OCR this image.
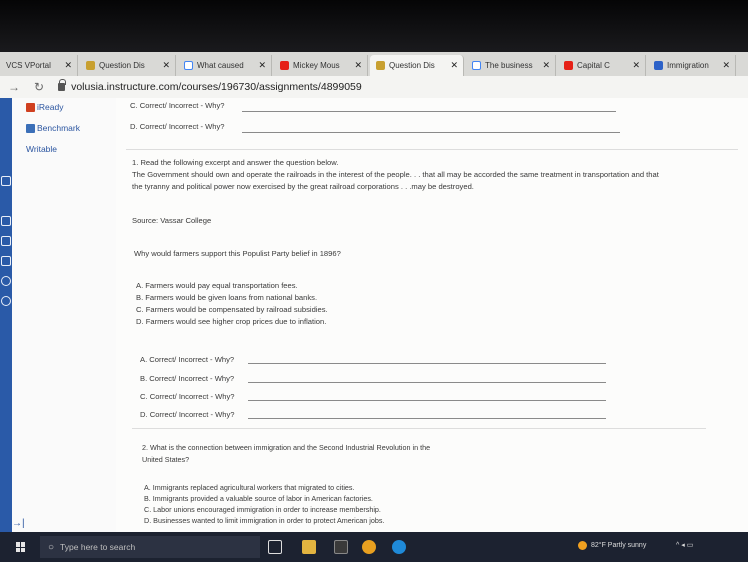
VCS VPortal ✕	Question Dis ✕	What caused ✕	Mickey Mous ✕	Question Dis ✕	The business ✕	Capital C	✕	Immigration ✕
→ ↻	volusia.instructure.com/courses/196730/assignments/4899059
iReady
Benchmark
Writable
→|
C. Correct/ Incorrect - Why?
D. Correct/ Incorrect - Why?
1. Read the following excerpt and answer the question below.
The Government should own and operate the railroads in the interest of the people. . . that all may be accorded the same treatment in transportation and that
the tyranny and political power now exercised by the great railroad corporations . . .may be destroyed.
Source: Vassar College
Why would farmers support this Populist Party belief in 1896?
A. Farmers would pay equal transportation fees.
B. Farmers would be given loans from national banks.
C. Farmers would be compensated by railroad subsidies.
D. Farmers would see higher crop prices due to inflation.
A. Correct/ Incorrect - Why?
B. Correct/ Incorrect - Why?
C. Correct/ Incorrect - Why?
D. Correct/ Incorrect - Why?
2. What is the connection between immigration and the Second Industrial Revolution in the
United States?
A. Immigrants replaced agricultural workers that migrated to cities.
B. Immigrants provided a valuable source of labor in American factories.
C. Labor unions encouraged immigration in order to increase membership.
D. Businesses wanted to limit immigration in order to protect American jobs.
○ Type here to search	82°F Partly sunny	^ ◂ ▭
